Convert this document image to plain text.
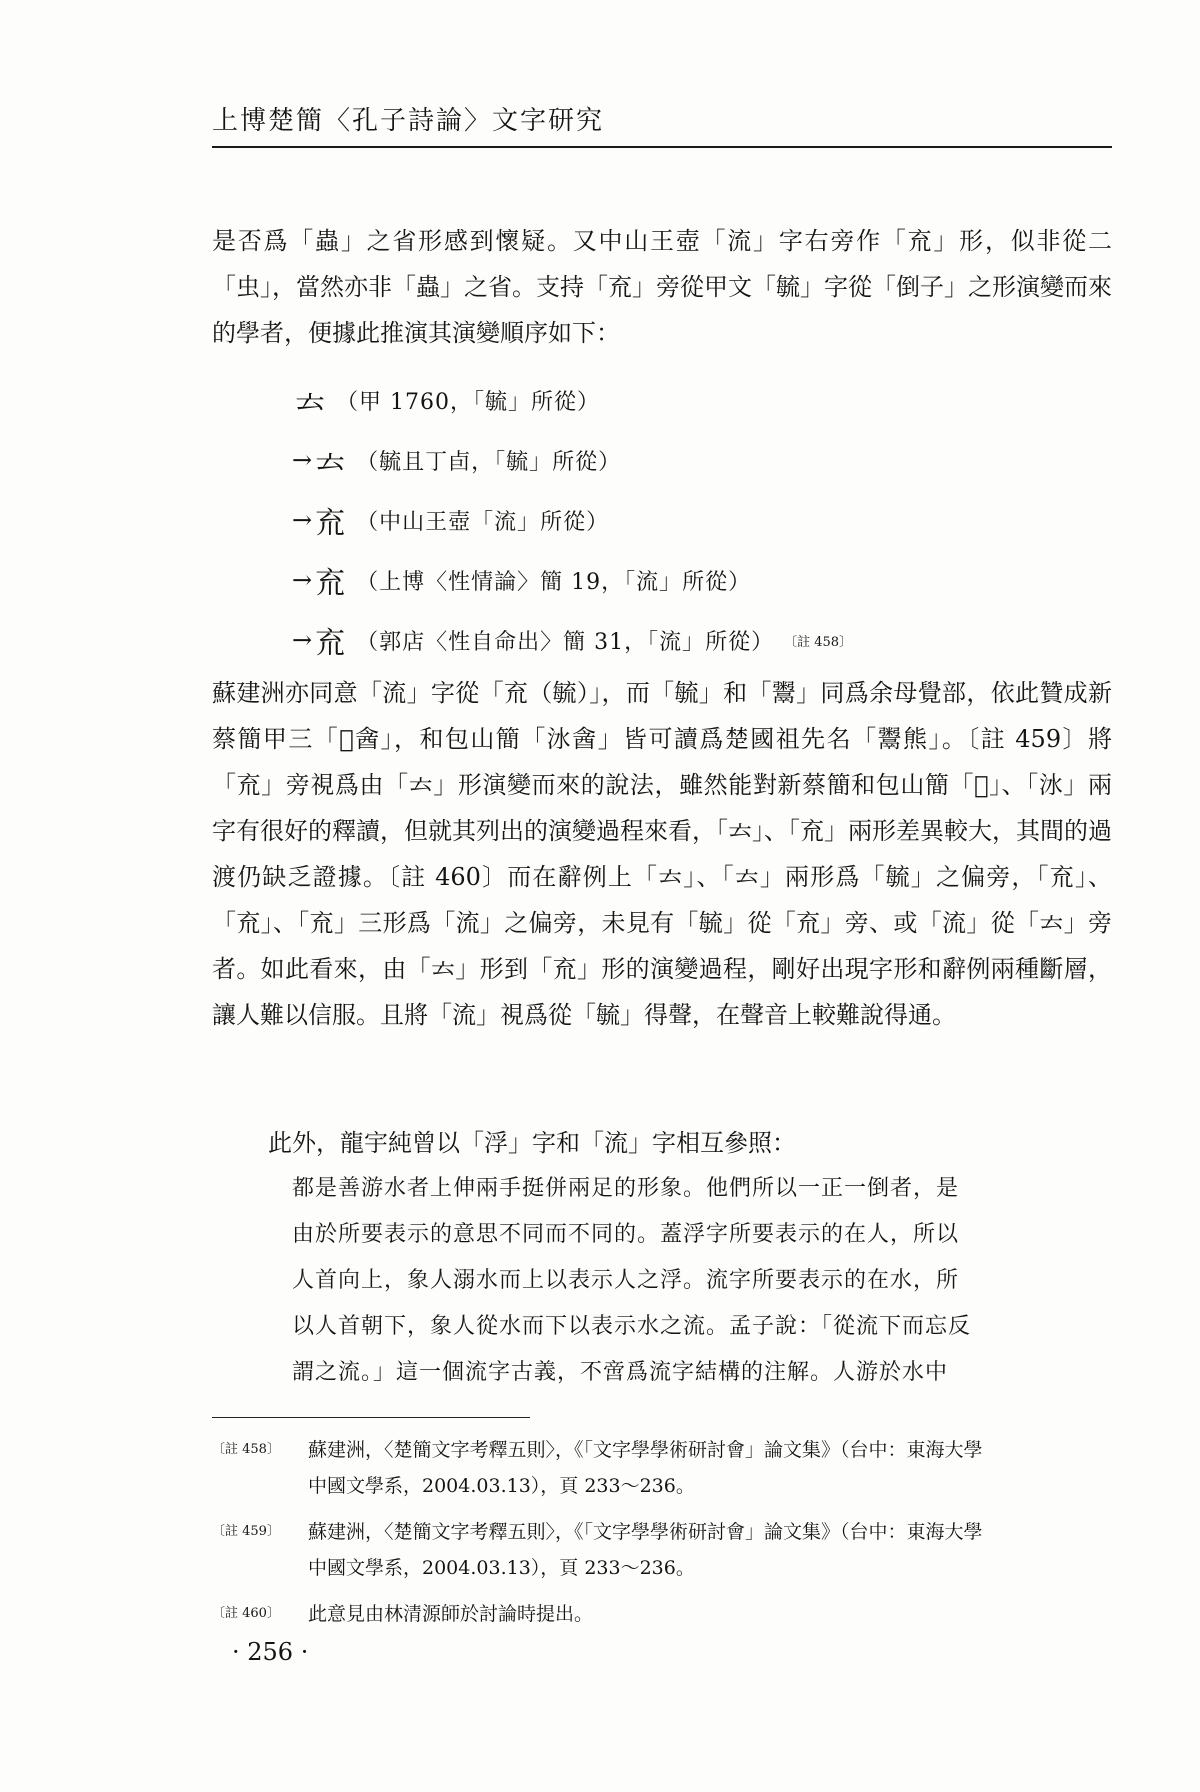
上博楚簡〈孔子詩論〉文字研究
是否爲「蟲」之省形感到懷疑。又中山王壺「流」字右旁作「㐬」形，似非從二「虫」，當然亦非「蟲」之省。支持「㐬」旁從甲文「毓」字從「倒子」之形演變而來的學者，便據此推演其演變順序如下：
𠫓 （甲 1760，「毓」所從）
→ 𠫓 （毓且丁卣，「毓」所從）
→ 㐬 （中山王壺「流」所從）
→ 㐬 （上博〈性情論〉簡 19，「流」所從）
→ 㐬 （郭店〈性自命出〉簡 31，「流」所從） 〔註 458〕
蘇建洲亦同意「流」字從「㐬（毓）」，而「毓」和「鬻」同爲余母覺部，依此贊成新蔡簡甲三「𢼸酓」，和包山簡「𣲙酓」皆可讀爲楚國祖先名「鬻熊」。〔註 459〕將「㐬」旁視爲由「𠫓」形演變而來的說法，雖然能對新蔡簡和包山簡「𢼸」、「𣲙」兩字有很好的釋讀，但就其列出的演變過程來看，「𠫓」、「㐬」兩形差異較大，其間的過渡仍缺乏證據。〔註 460〕而在辭例上「𠫓」、「𠫓」兩形爲「毓」之偏旁，「㐬」、「㐬」、「㐬」三形爲「流」之偏旁，未見有「毓」從「㐬」旁、或「流」從「𠫓」旁者。如此看來，由「𠫓」形到「㐬」形的演變過程，剛好出現字形和辭例兩種斷層，讓人難以信服。且將「流」視爲從「毓」得聲，在聲音上較難說得通。
此外，龍宇純曾以「浮」字和「流」字相互參照：
都是善游水者上伸兩手挺併兩足的形象。他們所以一正一倒者，是
由於所要表示的意思不同而不同的。蓋浮字所要表示的在人，所以
人首向上，象人溺水而上以表示人之浮。流字所要表示的在水，所
以人首朝下，象人從水而下以表示水之流。孟子說：「從流下而忘反
謂之流。」這一個流字古義，不啻爲流字結構的注解。人游於水中
〔註 458〕 蘇建洲，〈楚簡文字考釋五則〉，《「文字學學術研討會」論文集》（台中：東海大學
中國文學系，2004.03.13），頁 233～236。
〔註 459〕 蘇建洲，〈楚簡文字考釋五則〉，《「文字學學術研討會」論文集》（台中：東海大學
中國文學系，2004.03.13），頁 233～236。
〔註 460〕 此意見由林清源師於討論時提出。
· 256 ·
